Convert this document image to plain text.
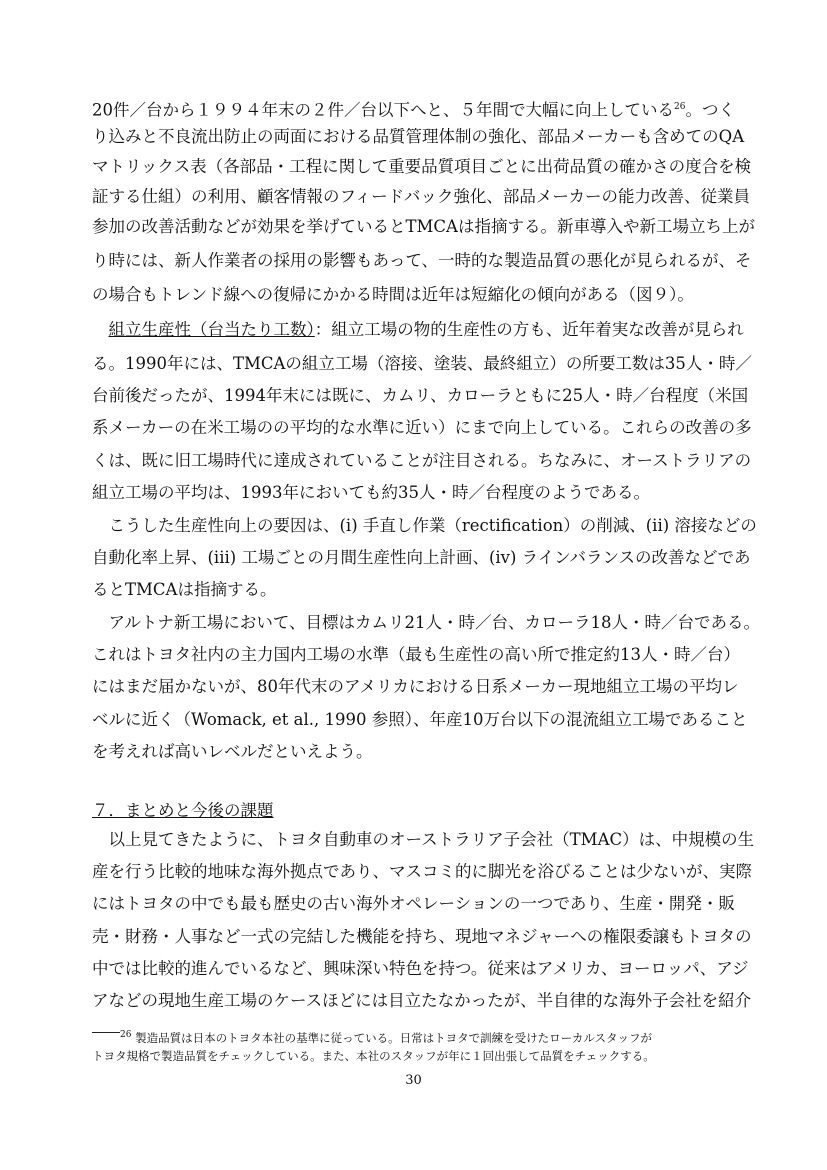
20件／台から１９９４年末の２件／台以下へと、５年間で大幅に向上している$^{26}$。つく
り込みと不良流出防止の両面における品質管理体制の強化、部品メーカーも含めてのQA
マトリックス表（各部品・工程に関して重要品質項目ごとに出荷品質の確かさの度合を検
証する仕組）の利用、顧客情報のフィードバック強化、部品メーカーの能力改善、従業員
参加の改善活動などが効果を挙げているとTMCAは指摘する。新車導入や新工場立ち上が
り時には、新人作業者の採用の影響もあって、一時的な製造品質の悪化が見られるが、そ
の場合もトレンド線への復帰にかかる時間は近年は短縮化の傾向がある（図９）。
　組立生産性（台当たり工数）：組立工場の物的生産性の方も、近年着実な改善が見られ
る。1990年には、TMCAの組立工場（溶接、塗装、最終組立）の所要工数は35人・時／
台前後だったが、1994年末には既に、カムリ、カローラともに25人・時／台程度（米国
系メーカーの在米工場のの平均的な水準に近い）にまで向上している。これらの改善の多
くは、既に旧工場時代に達成されていることが注目される。ちなみに、オーストラリアの
組立工場の平均は、1993年においても約35人・時／台程度のようである。
　こうした生産性向上の要因は、(i) 手直し作業（rectification）の削減、(ii) 溶接などの
自動化率上昇、(iii) 工場ごとの月間生産性向上計画、(iv) ラインバランスの改善などであ
るとTMCAは指摘する。
　アルトナ新工場において、目標はカムリ21人・時／台、カローラ18人・時／台である。
これはトヨタ社内の主力国内工場の水準（最も生産性の高い所で推定約13人・時／台）
にはまだ届かないが、80年代末のアメリカにおける日系メーカー現地組立工場の平均レ
ベルに近く（Womack, et al., 1990 参照）、年産10万台以下の混流組立工場であること
を考えれば高いレベルだといえよう。
７．まとめと今後の課題
　以上見てきたように、トヨタ自動車のオーストラリア子会社（TMAC）は、中規模の生
産を行う比較的地味な海外拠点であり、マスコミ的に脚光を浴びることは少ないが、実際
にはトヨタの中でも最も歴史の古い海外オペレーションの一つであり、生産・開発・販
売・財務・人事など一式の完結した機能を持ち、現地マネジャーへの権限委譲もトヨタの
中では比較的進んでいるなど、興味深い特色を持つ。従来はアメリカ、ヨーロッパ、アジ
アなどの現地生産工場のケースほどには目立たなかったが、半自律的な海外子会社を紹介
$^{26}$ 製造品質は日本のトヨタ本社の基準に従っている。日常はトヨタで訓練を受けたローカルスタッフが
トヨタ規格で製造品質をチェックしている。また、本社のスタッフが年に１回出張して品質をチェックする。
30
